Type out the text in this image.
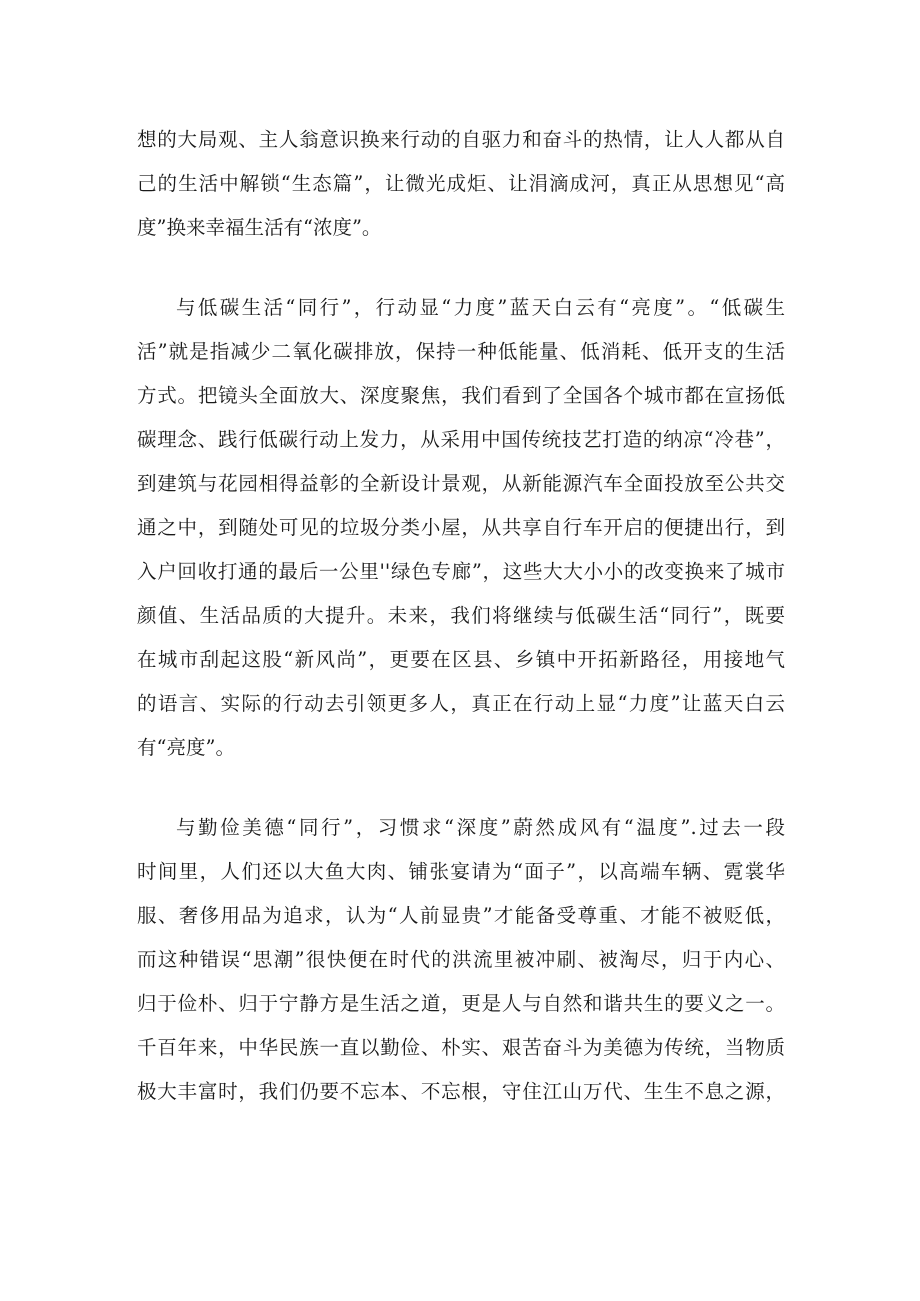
想的大局观、主人翁意识换来行动的自驱力和奋斗的热情，让人人都从自
己的生活中解锁“生态篇”，让微光成炬、让涓滴成河，真正从思想见“高
度”换来幸福生活有“浓度”。
与低碳生活“同行”，行动显“力度”蓝天白云有“亮度”。“低碳生
活”就是指减少二氧化碳排放，保持一种低能量、低消耗、低开支的生活
方式。把镜头全面放大、深度聚焦，我们看到了全国各个城市都在宣扬低
碳理念、践行低碳行动上发力，从采用中国传统技艺打造的纳凉“冷巷”，
到建筑与花园相得益彰的全新设计景观，从新能源汽车全面投放至公共交
通之中，到随处可见的垃圾分类小屋，从共享自行车开启的便捷出行，到
入户回收打通的最后一公里''绿色专廊”，这些大大小小的改变换来了城市
颜值、生活品质的大提升。未来，我们将继续与低碳生活“同行”，既要
在城市刮起这股“新风尚”，更要在区县、乡镇中开拓新路径，用接地气
的语言、实际的行动去引领更多人，真正在行动上显“力度”让蓝天白云
有“亮度”。
与勤俭美德“同行”，习惯求“深度”蔚然成风有“温度”.过去一段
时间里，人们还以大鱼大肉、铺张宴请为“面子”，以高端车辆、霓裳华
服、奢侈用品为追求，认为“人前显贵”才能备受尊重、才能不被贬低，
而这种错误“思潮”很快便在时代的洪流里被冲刷、被淘尽，归于内心、
归于俭朴、归于宁静方是生活之道，更是人与自然和谐共生的要义之一。
千百年来，中华民族一直以勤俭、朴实、艰苦奋斗为美德为传统，当物质
极大丰富时，我们仍要不忘本、不忘根，守住江山万代、生生不息之源，
